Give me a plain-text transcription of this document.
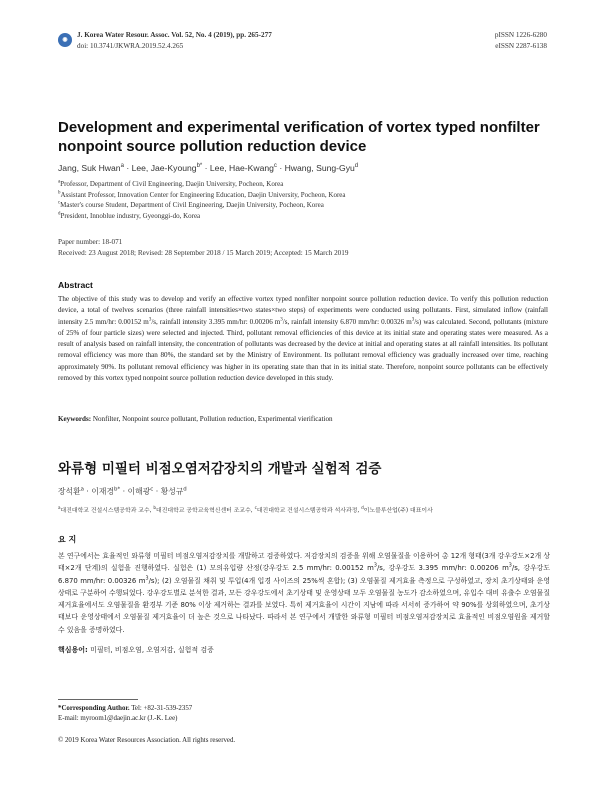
◉
J. Korea Water Resour. Assoc. Vol. 52, No. 4 (2019), pp. 265-277	pISSN 1226-6280
doi: 10.3741/JKWRA.2019.52.4.265	eISSN 2287-6138
Development and experimental verification of vortex typed nonfilter nonpoint source pollution reduction device
Jang, Suk Hwan$^a$ · Lee, Jae-Kyoung$^{b*}$ · Lee, Hae-Kwang$^c$ · Hwang, Sung-Gyu$^d$
$^a$Professor, Department of Civil Engineering, Daejin University, Pocheon, Korea
$^b$Assistant Professor, Innovation Center for Engineering Education, Daejin University, Pocheon, Korea
$^c$Master's course Student, Department of Civil Engineering, Daejin University, Pocheon, Korea
$^d$President, Innoblue industry, Gyeonggi-do, Korea
Paper number: 18-071
Received: 23 August 2018; Revised: 28 September 2018 / 15 March 2019; Accepted: 15 March 2019
Abstract
The objective of this study was to develop and verify an effective vortex typed nonfilter nonpoint source pollution reduction device. To verify this pollution reduction device, a total of twelves scenarios (three rainfall intensities×two states×two steps) of experiments were conducted using pollutants. First, simulated inflow (rainfall intensity 2.5 mm/hr: 0.00152 $m^3/s$, rainfall intensity 3.395 mm/hr: 0.00206 $m^3/s$, rainfall intensity 6.870 mm/hr: 0.00326 $m^3/s$) was calculated. Second, pollutants (mixture of 25% of four particle sizes) were selected and injected. Third, pollutant removal efficiencies of this device at its initial state and operating states were measured. As a result of analysis based on rainfall intensity, the concentration of pollutants was decreased by the device at initial and operating states at all rainfall intensities. Its pollutant removal efficiency was more than 80%, the standard set by the Ministry of Environment. Its pollutant removal efficiency was gradually increased over time, reaching approximately 90%. Its pollutant removal efficiency was higher in its operating state than that in its initial state. Therefore, nonpoint source pollutants can be effectively removed by this vortex typed nonpoint source pollution reduction device developed in this study.
Keywords: Nonfilter, Nonpoint source pollutant, Pollution reduction, Experimental vierification
와류형 미필터 비점오염저감장치의 개발과 실험적 검증
장석환$^a$ · 이재경$^{b*}$ · 이해광$^c$ · 황성규$^d$
$^a$대진대학교 건설시스템공학과 교수, $^b$대진대학교 공학교육혁신센터 조교수, $^c$대진대학교 건설시스템공학과 석사과정, $^d$이노블루산업(주) 대표이사
요 지
본 연구에서는 효율적인 와류형 미필터 비점오염저감장치를 개발하고 검증하였다. 저감장치의 검증을 위해 오염물질을 이용하여 총 12개 형태(3개 강우강도×2개 상태×2개 단계)의 실험을 진행하였다. 실험은 (1) 모의유입량 산정(강우강도 2.5 mm/hr: 0.00152 $m^3/s$, 강우강도 3.395 mm/hr: 0.00206 $m^3/s$, 강우강도 6.870 mm/hr: 0.00326 $m^3/s$); (2) 오염물질 채취 및 투입(4개 입경 사이즈의 25%씩 혼합); (3) 오염물질 제거효율 측정으로 구성하였고, 장치 초기상태와 운영상태로 구분하여 수행되었다. 강우강도별로 분석한 결과, 모든 강우강도에서 초기상태 및 운영상태 모두 오염물질 농도가 감소하였으며, 유입수 대비 유출수 오염물질 제거효율에서도 오염물질을 환경부 기준 80% 이상 제거하는 결과를 보였다. 특히 제거효율이 시간이 지남에 따라 서서히 증가하여 약 90%를 상회하였으며, 초기상태보다 운영상태에서 오염물질 제거효율이 더 높은 것으로 나타났다. 따라서 본 연구에서 개발한 와류형 미필터 비점오염저감장치로 효율적인 비점오염원을 제거할 수 있음을 증명하였다.
핵심용어: 미필터, 비점오염, 오염저감, 실험적 검증
*Corresponding Author. Tel: +82-31-539-2357
E-mail: myroom1@daejin.ac.kr (J.-K. Lee)
© 2019 Korea Water Resources Association. All rights reserved.
